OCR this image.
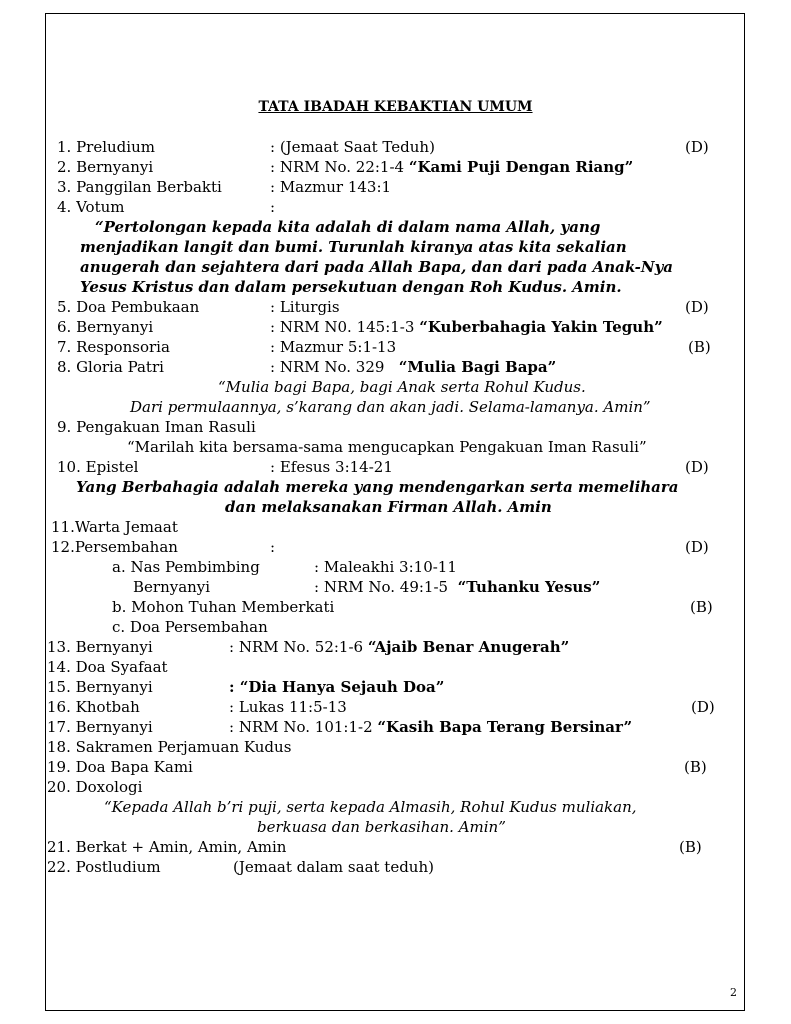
TATA IBADAH KEBAKTIAN UMUM
1. Preludium	: (Jemaat Saat Teduh)	(D)
2. Bernyanyi	: NRM No. 22:1-4 “Kami Puji Dengan Riang”
3. Panggilan Berbakti	: Mazmur 143:1
4. Votum	:
“Pertolongan kepada kita adalah di dalam nama Allah, yang
menjadikan langit dan bumi. Turunlah kiranya atas kita sekalian
anugerah dan sejahtera dari pada Allah Bapa, dan dari pada Anak-Nya
Yesus Kristus dan dalam persekutuan dengan Roh Kudus. Amin.
5. Doa Pembukaan	: Liturgis	(D)
6. Bernyanyi	: NRM N0. 145:1-3 “Kuberbahagia Yakin Teguh”
7. Responsoria	: Mazmur 5:1-13	(B)
8. Gloria Patri	: NRM No. 329 “Mulia Bagi Bapa”
“Mulia bagi Bapa, bagi Anak serta Rohul Kudus.
Dari permulaannya, s’karang dan akan jadi. Selama-lamanya. Amin”
9. Pengakuan Iman Rasuli
“Marilah kita bersama-sama mengucapkan Pengakuan Iman Rasuli”
10. Epistel	: Efesus 3:14-21	(D)
Yang Berbahagia adalah mereka yang mendengarkan serta memelihara
dan melaksanakan Firman Allah. Amin
11.Warta Jemaat
12.Persembahan	:	(D)
a. Nas Pembimbing	: Maleakhi 3:10-11
Bernyanyi	: NRM No. 49:1-5 “Tuhanku Yesus”
b. Mohon Tuhan Memberkati	(B)
c. Doa Persembahan
13. Bernyanyi	: NRM No. 52:1-6 “Ajaib Benar Anugerah”
14. Doa Syafaat
15. Bernyanyi	: “Dia Hanya Sejauh Doa”
16. Khotbah	: Lukas 11:5-13	(D)
17. Bernyanyi	: NRM No. 101:1-2 “Kasih Bapa Terang Bersinar”
18. Sakramen Perjamuan Kudus
19. Doa Bapa Kami	(B)
20. Doxologi
“Kepada Allah b’ri puji, serta kepada Almasih, Rohul Kudus muliakan,
berkuasa dan berkasihan. Amin”
21. Berkat + Amin, Amin, Amin	(B)
22. Postludium	(Jemaat dalam saat teduh)
2
